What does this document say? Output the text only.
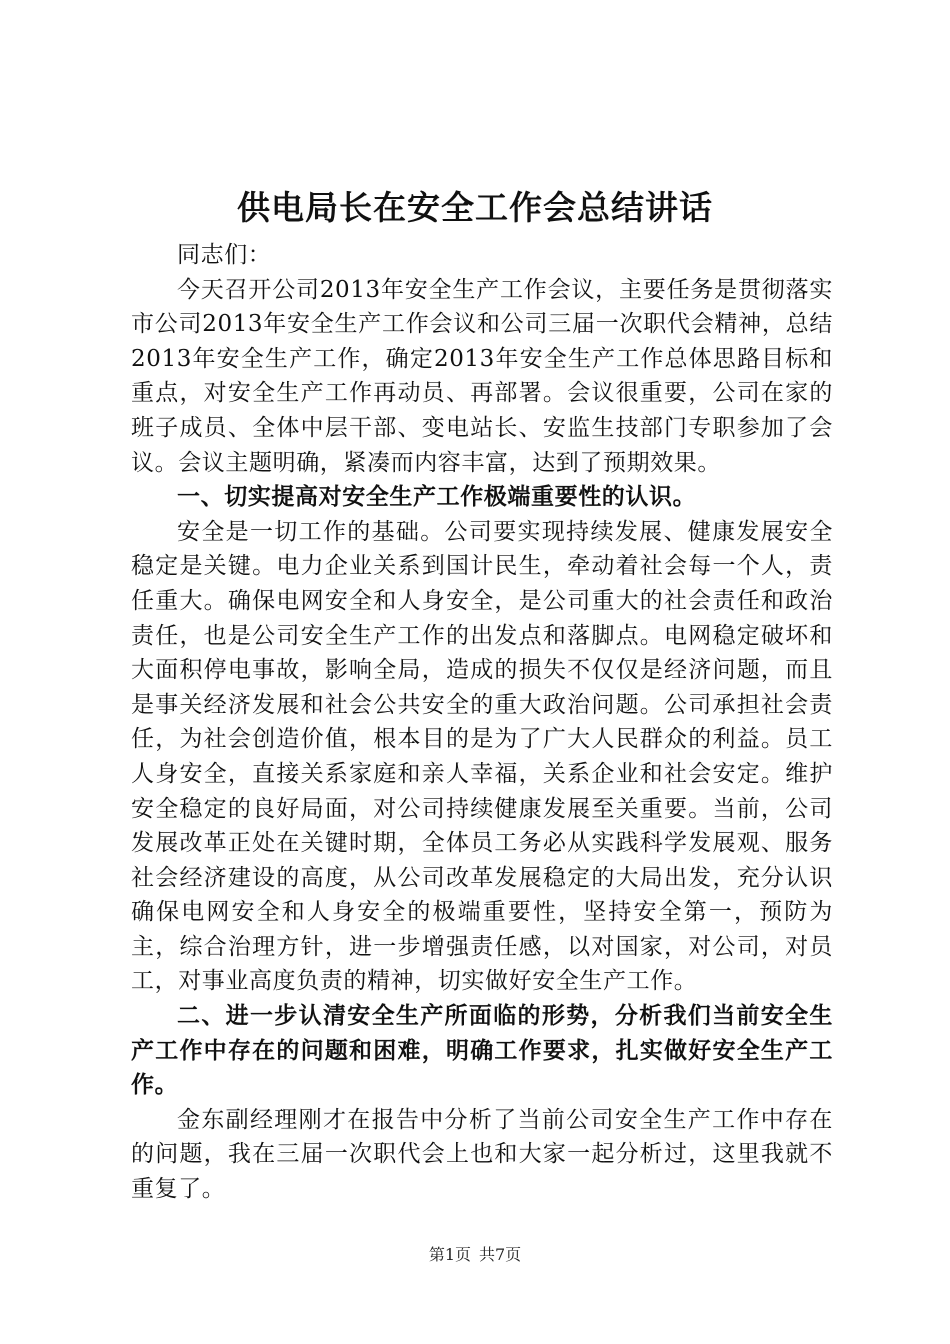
供电局长在安全工作会总结讲话

同志们：

今天召开公司2013年安全生产工作会议，主要任务是贯彻落实市公司2013年安全生产工作会议和公司三届一次职代会精神，总结2013年安全生产工作，确定2013年安全生产工作总体思路目标和重点，对安全生产工作再动员、再部署。会议很重要，公司在家的班子成员、全体中层干部、变电站长、安监生技部门专职参加了会议。会议主题明确，紧凑而内容丰富，达到了预期效果。

一、切实提高对安全生产工作极端重要性的认识。

安全是一切工作的基础。公司要实现持续发展、健康发展安全稳定是关键。电力企业关系到国计民生，牵动着社会每一个人，责任重大。确保电网安全和人身安全，是公司重大的社会责任和政治责任，也是公司安全生产工作的出发点和落脚点。电网稳定破坏和大面积停电事故，影响全局，造成的损失不仅仅是经济问题，而且是事关经济发展和社会公共安全的重大政治问题。公司承担社会责任，为社会创造价值，根本目的是为了广大人民群众的利益。员工人身安全，直接关系家庭和亲人幸福，关系企业和社会安定。维护安全稳定的良好局面，对公司持续健康发展至关重要。当前，公司发展改革正处在关键时期，全体员工务必从实践科学发展观、服务社会经济建设的高度，从公司改革发展稳定的大局出发，充分认识确保电网安全和人身安全的极端重要性，坚持安全第一，预防为主，综合治理方针，进一步增强责任感，以对国家，对公司，对员工，对事业高度负责的精神，切实做好安全生产工作。

二、进一步认清安全生产所面临的形势，分析我们当前安全生产工作中存在的问题和困难，明确工作要求，扎实做好安全生产工作。

金东副经理刚才在报告中分析了当前公司安全生产工作中存在的问题，我在三届一次职代会上也和大家一起分析过，这里我就不重复了。

第1页 共7页
